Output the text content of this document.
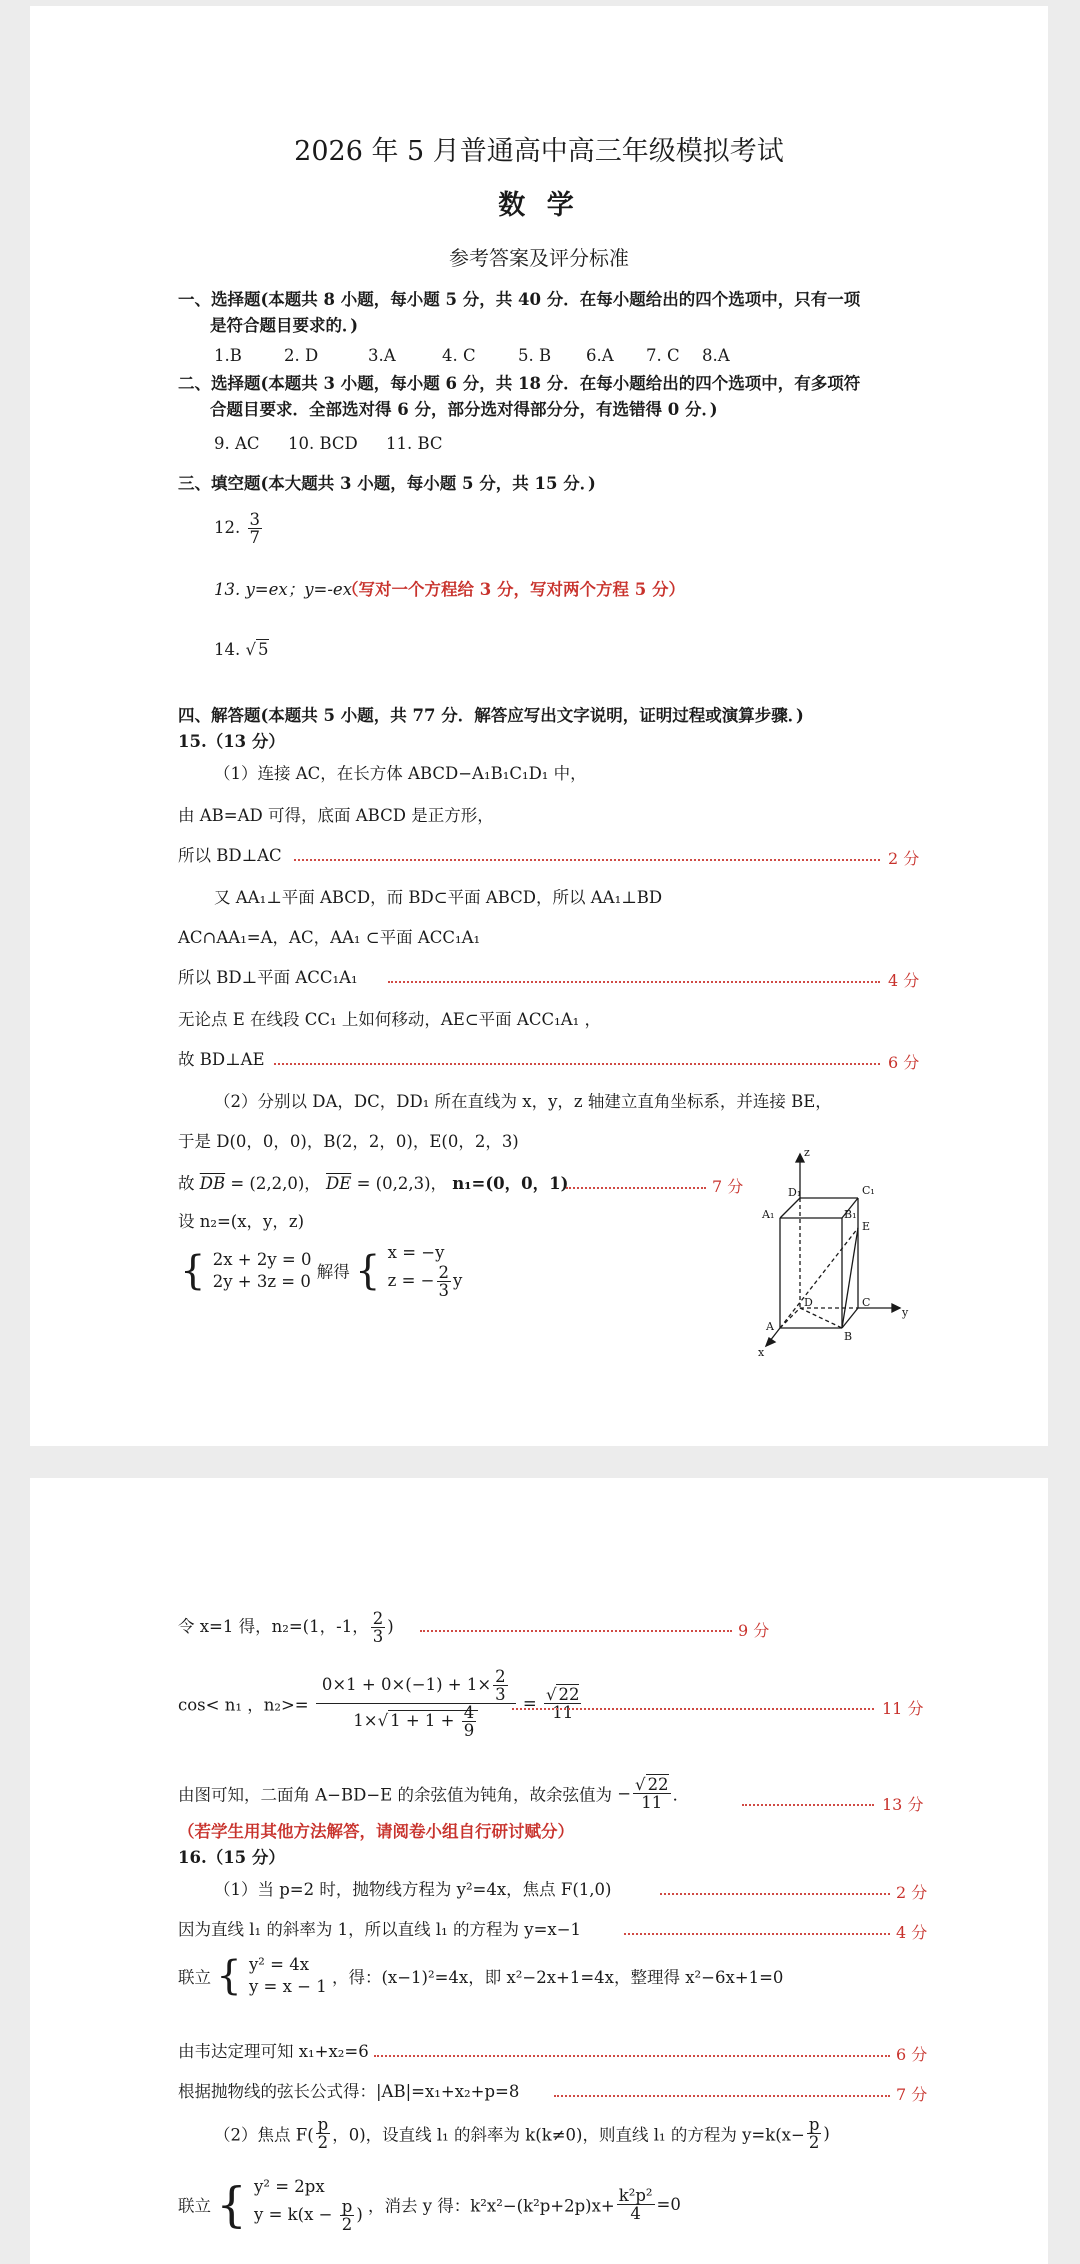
2026 年 5 月普通高中高三年级模拟考试
数 学
参考答案及评分标准
一、选择题(本题共 8 小题，每小题 5 分，共 40 分．在每小题给出的四个选项中，只有一项
是符合题目要求的．)
1.B	2. D	3.A	4. C	5. B 6.A 7. C 8.A
二、选择题(本题共 3 小题，每小题 6 分，共 18 分．在每小题给出的四个选项中，有多项符
合题目要求．全部选对得 6 分，部分选对得部分分，有选错得 0 分．)
9. AC 10. BCD 11. BC
三、填空题(本大题共 3 小题，每小题 5 分，共 15 分．)
12. $\frac{3}{7}$
13. y=ex；y=-ex
（写对一个方程给 3 分，写对两个方程 5 分）
14. √ 5
四、解答题(本题共 5 小题，共 77 分．解答应写出文字说明，证明过程或演算步骤．)
15.（13 分）
（1）连接 AC，在长方体 ABCD−A₁B₁C₁D₁ 中，
由 AB=AD 可得，底面 ABCD 是正方形，
所以 BD⊥AC	2 分
又 AA₁⊥平面 ABCD，而 BD⊂平面 ABCD，所以 AA₁⊥BD
AC∩AA₁=A，AC，AA₁ ⊂平面 ACC₁A₁
所以 BD⊥平面 ACC₁A₁	4 分
无论点 E 在线段 CC₁ 上如何移动，AE⊂平面 ACC₁A₁ ，
故 BD⊥AE	6 分
（2）分别以 DA，DC，DD₁ 所在直线为 x，y，z 轴建立直角坐标系，并连接 BE，
于是 D(0，0，0)，B(2，2，0)，E(0，2，3)
故 $\overline{DB} = (2,2,0)$， $\overline{DE} = (0,2,3)$， n₁=(0，0，1)	7 分
设 n₂=(x，y，z)
{ 2x + 2y = 0
2y + 3z = 0 解得 { x = −y
z = − $\frac{2}{3}$ y
z
D₁	C₁
A₁	B₁
E
D	C
y
A
B
x
令 x=1 得，n₂=(1，-1， $\frac{2}{3}$ )	9 分
cos< n₁ ，$n_2>= \frac{0\times 1 + 0\times(-1) + 1\times \frac{2}{3}}{1\times√ 1 + 1 + \frac{4}{9}} = \frac{√ 22}{11}$	11 分
由图可知，二面角 A−BD−E 的余弦值为钝角，故余弦值为 − $\frac{√ 22}{11}$ ．	13 分
（若学生用其他方法解答，请阅卷小组自行研讨赋分）
16.（15 分）
（1）当 p=2 时，抛物线方程为 y²=4x，焦点 F(1,0)	2 分
因为直线 l₁ 的斜率为 1，所以直线 l₁ 的方程为 y=x−1	4 分
联立 { y² = 4x
y = x − 1 ，得：(x−1)²=4x，即 x²−2x+1=4x，整理得 x²−6x+1=0
由韦达定理可知 x₁+x₂=6	6 分
根据抛物线的弦长公式得：|AB|=x₁+x₂+p=8	7 分
（2）焦点 $F( \frac{p}{2}$ ，0)，设直线 l₁ 的斜率为 k(k≠0)，则直线 l₁ 的方程为 $y=k(x- \frac{p}{2}$ )
联立 { y² = 2px
$y = k(x - \frac{p}{2}$ ) ，消去 y 得：$k^2x^2-(k^2p+2p)x+ \frac{\text{k²p²}}{4} =0$
